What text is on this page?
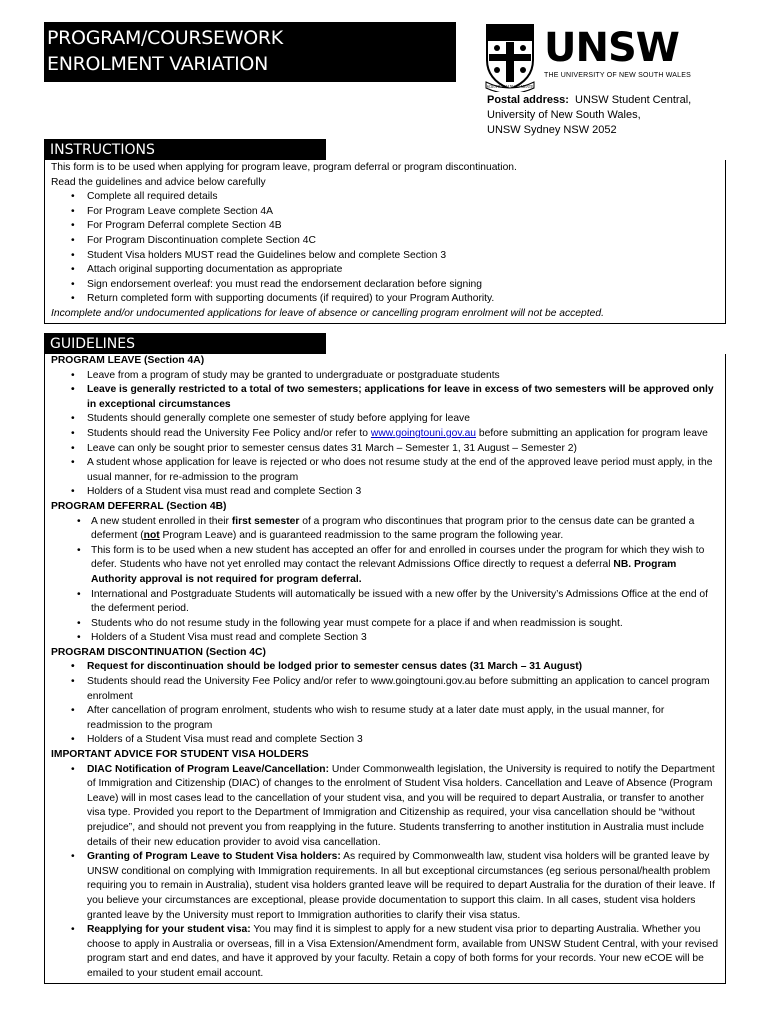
PROGRAM/COURSEWORK
ENROLMENT VARIATION
SCIENTIA MANU ET MENTE
UNSW
THE UNIVERSITY OF NEW SOUTH WALES
Postal address: UNSW Student Central,
University of New South Wales,
UNSW Sydney NSW 2052
INSTRUCTIONS
This form is to be used when applying for program leave, program deferral or program discontinuation.
Read the guidelines and advice below carefully
• Complete all required details
• For Program Leave complete Section 4A
• For Program Deferral complete Section 4B
• For Program Discontinuation complete Section 4C
• Student Visa holders MUST read the Guidelines below and complete Section 3
• Attach original supporting documentation as appropriate
• Sign endorsement overleaf: you must read the endorsement declaration before signing
• Return completed form with supporting documents (if required) to your Program Authority.
Incomplete and/or undocumented applications for leave of absence or cancelling program enrolment will not be accepted.
GUIDELINES
PROGRAM LEAVE (Section 4A)
• Leave from a program of study may be granted to undergraduate or postgraduate students
• Leave is generally restricted to a total of two semesters; applications for leave in excess of two semesters will be approved only in exceptional circumstances
• Students should generally complete one semester of study before applying for leave
• Students should read the University Fee Policy and/or refer to www.goingtouni.gov.au before submitting an application for program leave
• Leave can only be sought prior to semester census dates 31 March – Semester 1, 31 August – Semester 2)
• A student whose application for leave is rejected or who does not resume study at the end of the approved leave period must apply, in the usual manner, for re-admission to the program
• Holders of a Student visa must read and complete Section 3
PROGRAM DEFERRAL (Section 4B)
• A new student enrolled in their first semester of a program who discontinues that program prior to the census date can be granted a deferment (not Program Leave) and is guaranteed readmission to the same program the following year.
• This form is to be used when a new student has accepted an offer for and enrolled in courses under the program for which they wish to defer. Students who have not yet enrolled may contact the relevant Admissions Office directly to request a deferral NB. Program Authority approval is not required for program deferral.
• International and Postgraduate Students will automatically be issued with a new offer by the University’s Admissions Office at the end of the deferment period.
• Students who do not resume study in the following year must compete for a place if and when readmission is sought.
• Holders of a Student Visa must read and complete Section 3
PROGRAM DISCONTINUATION (Section 4C)
• Request for discontinuation should be lodged prior to semester census dates (31 March – 31 August)
• Students should read the University Fee Policy and/or refer to www.goingtouni.gov.au before submitting an application to cancel program enrolment
• After cancellation of program enrolment, students who wish to resume study at a later date must apply, in the usual manner, for readmission to the program
• Holders of a Student Visa must read and complete Section 3
IMPORTANT ADVICE FOR STUDENT VISA HOLDERS
• DIAC Notification of Program Leave/Cancellation: Under Commonwealth legislation, the University is required to notify the Department of Immigration and Citizenship (DIAC) of changes to the enrolment of Student Visa holders. Cancellation and Leave of Absence (Program Leave) will in most cases lead to the cancellation of your student visa, and you will be required to depart Australia, or transfer to another visa type. Provided you report to the Department of Immigration and Citizenship as required, your visa cancellation should be “without prejudice”, and should not prevent you from reapplying in the future. Students transferring to another institution in Australia must include details of their new education provider to avoid visa cancellation.
• Granting of Program Leave to Student Visa holders: As required by Commonwealth law, student visa holders will be granted leave by UNSW conditional on complying with Immigration requirements. In all but exceptional circumstances (eg serious personal/health problem requiring you to remain in Australia), student visa holders granted leave will be required to depart Australia for the duration of their leave. If you believe your circumstances are exceptional, please provide documentation to support this claim. In all cases, student visa holders granted leave by the University must report to Immigration authorities to clarify their visa status.
• Reapplying for your student visa: You may find it is simplest to apply for a new student visa prior to departing Australia. Whether you choose to apply in Australia or overseas, fill in a Visa Extension/Amendment form, available from UNSW Student Central, with your revised program start and end dates, and have it approved by your faculty. Retain a copy of both forms for your records. Your new eCOE will be emailed to your student email account.
